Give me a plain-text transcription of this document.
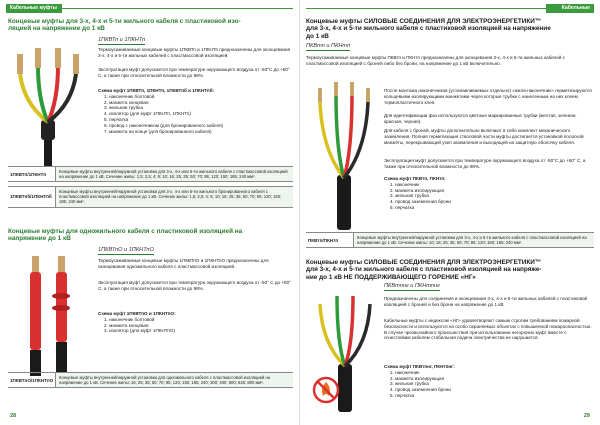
Кабельные муфты
Концевые муфты для 3-х, 4-х и 5-ти жильного кабеля с пластиковой изо-
ляцией на напряжение до 1 кВ
1ПКВТп и 1ПКНТп
Термоусаживаемые концевые муфты 1ПКВТп и 1ПКНТп предназначены для оконцевания 3-х, 4-х и 5-ти жильных кабелей с пластмассовой изоляцией.
Эксплуатация муфт допускается при температуре окружающего воздуха от -50°С до +50° С, а также при относительной влажности до 98%.
Схема муфт 1ПКВТп, 1ПКНТп, 1ПКВТпб и 1ПКНТпб:
1. наконечник болтовой
2. манжета концевая
3. жильная трубка
4. изолятор (для муфт 1ПКНТп, 1ПКНТп)
5. перчатка
6. провод с наконечником (для бронированного кабеля)
7. манжета на конце (для бронированного кабеля)
1ПКВТп/1ПКНТп
Концевые муфты внутренней/наружной установки для 3-х, 4-х или 5-ти жильного кабеля с пластмассовой изоляцией на напряжение до 1 кВ. Сечение жилы: 1,5; 2,5; 4; 6; 10; 16; 25; 35; 50; 70; 95; 120; 150; 185; 240 мм².
1ПКВТпб/1ПКНТпб
Концевые муфты внутренней/наружной установки для 3-х, 4-х или 5-ти жильного бронированного кабеля с пластмассовой изоляцией на напряжение до 1 кВ. Сечение жилы: 1,5; 2,5; 4; 6; 10; 16; 25; 35; 50; 70; 95; 120; 150; 185; 240 мм².
Концевые муфты для одножильного кабеля с пластиковой изоляцией на
напряжение до 1 кВ
1ПКВТпО и 1ПКНТпО
Термоусаживаемые концевые муфты 1ПКВТпО и 1ПКНТпО предназначены для оконцевания одножильного кабеля с пластмассовой изоляцией.
Эксплуатация муфт допускается при температуре окружающего воздуха от -50° С до +50° С, а также при относительной влажности до 98%.
Схема муфт 1ПКВТпО и 1ПКНТпО:
1. наконечник болтовой
2. манжета концевая
3. изолятор (для муфт 1ПКНТпО)
1ПКВТпО/1ПКНТпО
Концевые муфты внутренней/наружной установки для одножильного кабеля с пластмассовой изоляцией на напряжение до 1 кВ. Сечение жилы: 16; 25; 35; 50; 70; 95; 120; 150; 185; 240; 300; 400; 500; 625; 800 мм².
28
Кабельные муфты
Концевые муфты СИЛОВЫЕ СОЕДИНЕНИЯ ДЛЯ ЭЛЕКТРОЭНЕРГЕТИКИ™
для 3-х, 4-х и 5-ти жильного кабеля с пластиковой изоляцией на напряжение
до 1 кВ
ПКВтп и ПКНтп
Термоусаживаемые концевые муфты ПКВтп и ПКНтп предназначены для оконцевания 3-х, 4-х и 5-ти жильных кабелей с пластмассовой изоляцией с броней либо без брони, на напряжение до 1 кВ включительно.
После монтажа наконечников (устанавливаемых отдельно) «жила-наконечник» герметизируются кольцевыми изолирующими манжетами через которые трубки с нанесенным на них клеем термопластичного клея.
Для идентификации фаз используются цветные маркированные трубки (желтая, зеленая, красная, черная).
Для кабеля с броней, муфты дополнительно включают в себя комплект механического заземления. Полная герметизация стволовой части муфты достигается установкой полоской манжеты, перекрывающей узел заземления и выходящей на защитную оболочку кабеля.
Эксплуатация муфт допускается при температуре окружающего воздуха от -50°С до +50° С, а также при относительной влажности до 98%.
Схема муфт ПКВтп, ПКНтп:
1. наконечник
2. манжета изолирующая
3. жильная трубка
4. провод заземления брони
5. перчатка
ПКВтп/ПКНтп
Концевые муфты внутренней/наружной установки для 3-х, 4-х и 5-ти жильного кабеля с пластмассовой изоляцией на напряжение до 1 кВ. Сечение жилы: 10; 16; 25; 35; 50; 70; 95; 120; 150; 185; 240 мм².
Концевые муфты СИЛОВЫЕ СОЕДИНЕНИЯ ДЛЯ ЭЛЕКТРОЭНЕРГЕТИКИ™
для 3-х, 4-х и 5-ти жильного кабеля с пластиковой изоляцией на напряже-
ние до 1 кВ НЕ ПОДДЕРЖИВАЮЩЕГО ГОРЕНИЕ «НГ»
ПКВтпнг и ПКНтпнг
Предназначены для соединения и оконцевания 3-х, 4-х и 5-ти жильных кабелей с пластиковой изоляцией с броней и без брони на напряжение до 1 кВ.
Кабельные муфты с индексом «НГ» удовлетворяют самым строгим требованиям пожарной безопасности и используются на особо охраняемых объектах с повышенной пожароопасностью. В случае чрезвычайного происшествия при использовании негорючих муфт вместе с огнестойким кабелем стабильная подача электричества не нарушается.
Схема муфт ПКВтпнг, ПКНтпнг:
1. наконечник
2. манжета изолирующая
3. жильная трубка
4. провод заземления брони
5. перчатка
29
